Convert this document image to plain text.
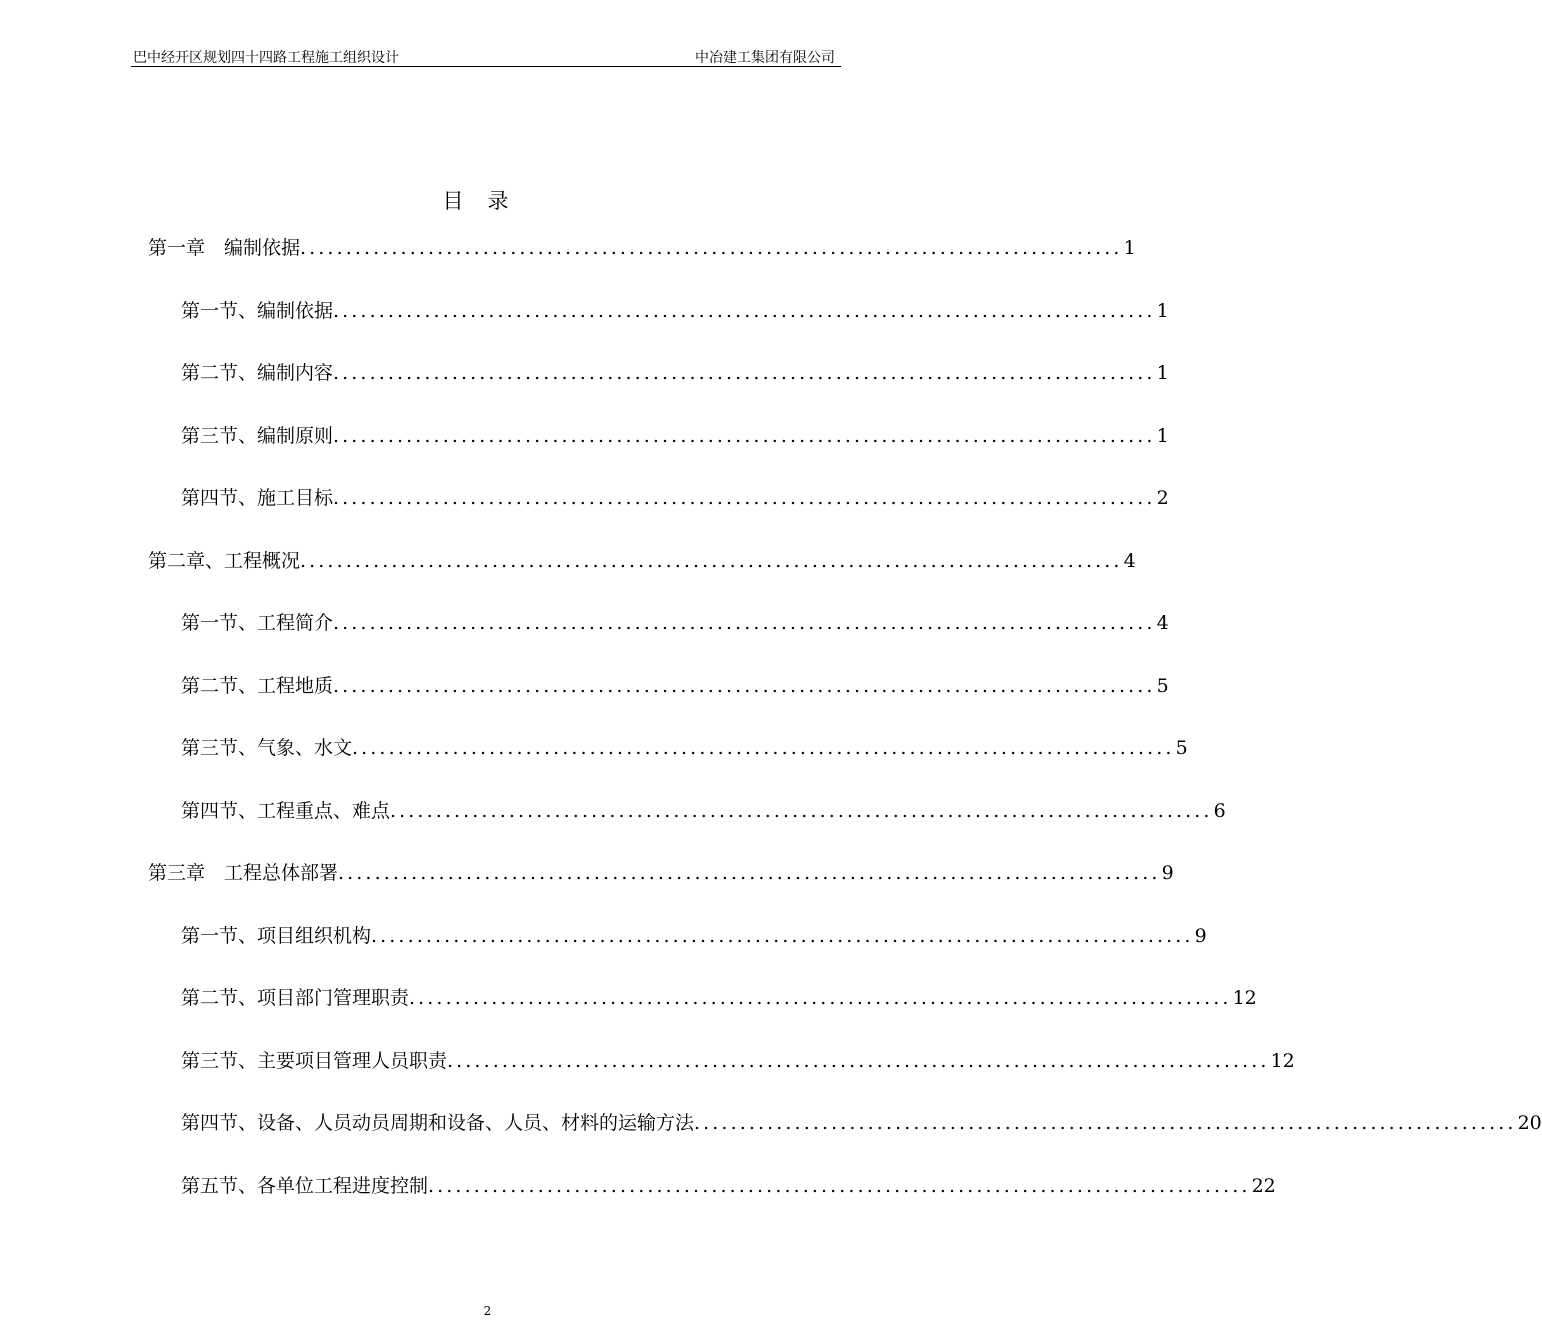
巴中经开区规划四十四路工程施工组织设计	中冶建工集团有限公司
目录
第一章　编制依据 .......................................................................................... 1
第一节、编制依据 .......................................................................................... 1
第二节、编制内容 .......................................................................................... 1
第三节、编制原则 .......................................................................................... 1
第四节、施工目标 .......................................................................................... 2
第二章、工程概况 .......................................................................................... 4
第一节、工程简介 .......................................................................................... 4
第二节、工程地质 .......................................................................................... 5
第三节、气象、水文 .......................................................................................... 5
第四节、工程重点、难点 .......................................................................................... 6
第三章　工程总体部署 .......................................................................................... 9
第一节、项目组织机构 .......................................................................................... 9
第二节、项目部门管理职责 .......................................................................................... 12
第三节、主要项目管理人员职责 .......................................................................................... 12
第四节、设备、人员动员周期和设备、人员、材料的运输方法 .......................................................................................... 20
第五节、各单位工程进度控制 .......................................................................................... 22
2
